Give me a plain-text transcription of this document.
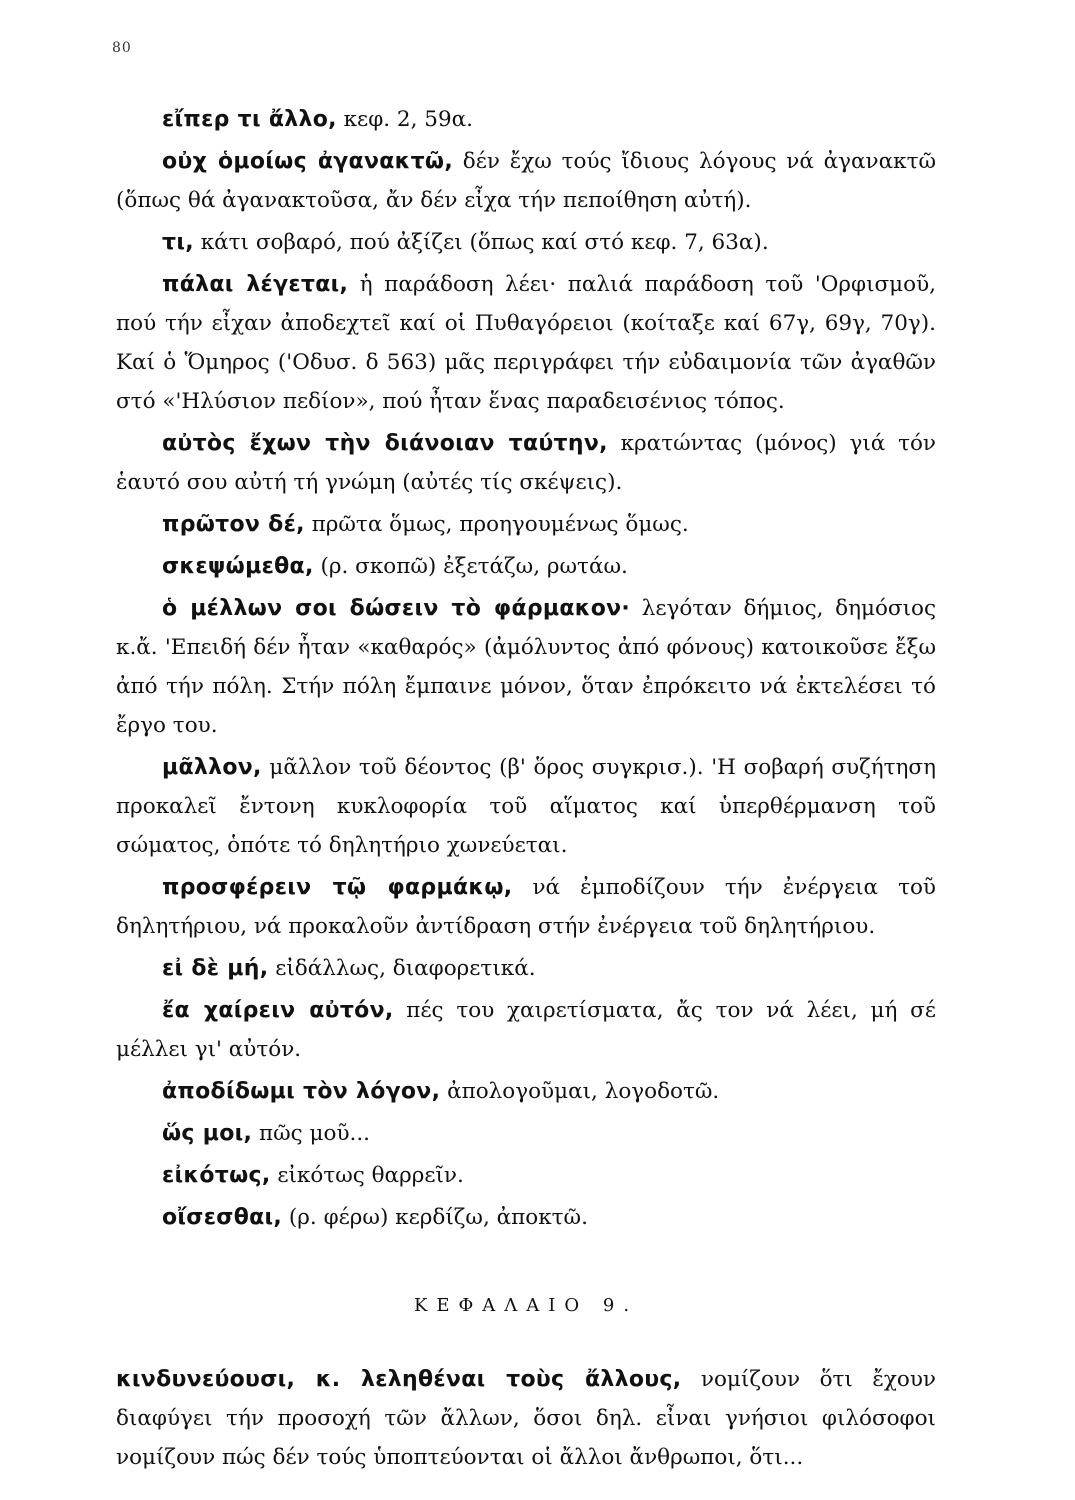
80
εἴπερ τι ἄλλο, κεφ. 2, 59α.
οὐχ ὁμοίως ἀγανακτῶ, δέν ἔχω τούς ἴδιους λόγους νά ἀγανακτῶ (ὅπως θά ἀγανακτοῦσα, ἄν δέν εἶχα τήν πεποίθηση αὐτή).
τι, κάτι σοβαρό, πού ἀξίζει (ὅπως καί στό κεφ. 7, 63α).
πάλαι λέγεται, ἡ παράδοση λέει· παλιά παράδοση τοῦ 'Ορφισμοῦ, πού τήν εἶχαν ἀποδεχτεῖ καί οἱ Πυθαγόρειοι (κοίταξε καί 67γ, 69γ, 70γ). Καί ὁ Ὅμηρος ('Οδυσ. δ 563) μᾶς περιγράφει τήν εὐδαιμονία τῶν ἀγαθῶν στό «'Ηλύσιον πεδίον», πού ἦταν ἕνας παραδεισένιος τόπος.
αὐτὸς ἔχων τὴν διάνοιαν ταύτην, κρατώντας (μόνος) γιά τόν ἑαυτό σου αὐτή τή γνώμη (αὐτές τίς σκέψεις).
πρῶτον δέ, πρῶτα ὅμως, προηγουμένως ὅμως.
σκεψώμεθα, (ρ. σκοπῶ) ἐξετάζω, ρωτάω.
ὁ μέλλων σοι δώσειν τὸ φάρμακον· λεγόταν δήμιος, δημόσιος κ.ἄ. 'Επειδή δέν ἦταν «καθαρός» (ἀμόλυντος ἀπό φόνους) κατοικοῦσε ἔξω ἀπό τήν πόλη. Στήν πόλη ἔμπαινε μόνον, ὅταν ἐπρόκειτο νά ἐκτελέσει τό ἔργο του.
μᾶλλον, μᾶλλον τοῦ δέοντος (β' ὅρος συγκρισ.). 'Η σοβαρή συζήτηση προκαλεῖ ἔντονη κυκλοφορία τοῦ αἵματος καί ὑπερθέρμανση τοῦ σώματος, ὁπότε τό δηλητήριο χωνεύεται.
προσφέρειν τῷ φαρμάκῳ, νά ἐμποδίζουν τήν ἐνέργεια τοῦ δηλητήριου, νά προκαλοῦν ἀντίδραση στήν ἐνέργεια τοῦ δηλητήριου.
εἰ δὲ μή, εἰδάλλως, διαφορετικά.
ἔα χαίρειν αὐτόν, πές του χαιρετίσματα, ἄς τον νά λέει, μή σέ μέλλει γι' αὐτόν.
ἀποδίδωμι τὸν λόγον, ἀπολογοῦμαι, λογοδοτῶ.
ὥς μοι, πῶς μοῦ...
εἰκότως, εἰκότως θαρρεῖν.
οἴσεσθαι, (ρ. φέρω) κερδίζω, ἀποκτῶ.
ΚΕΦΑΛΑΙΟ 9.
κινδυνεύουσι, κ. λεληθέναι τοὺς ἄλλους, νομίζουν ὅτι ἔχουν διαφύγει τήν προσοχή τῶν ἄλλων, ὅσοι δηλ. εἶναι γνήσιοι φιλόσοφοι νομίζουν πώς δέν τούς ὑποπτεύονται οἱ ἄλλοι ἄνθρωποι, ὅτι...
